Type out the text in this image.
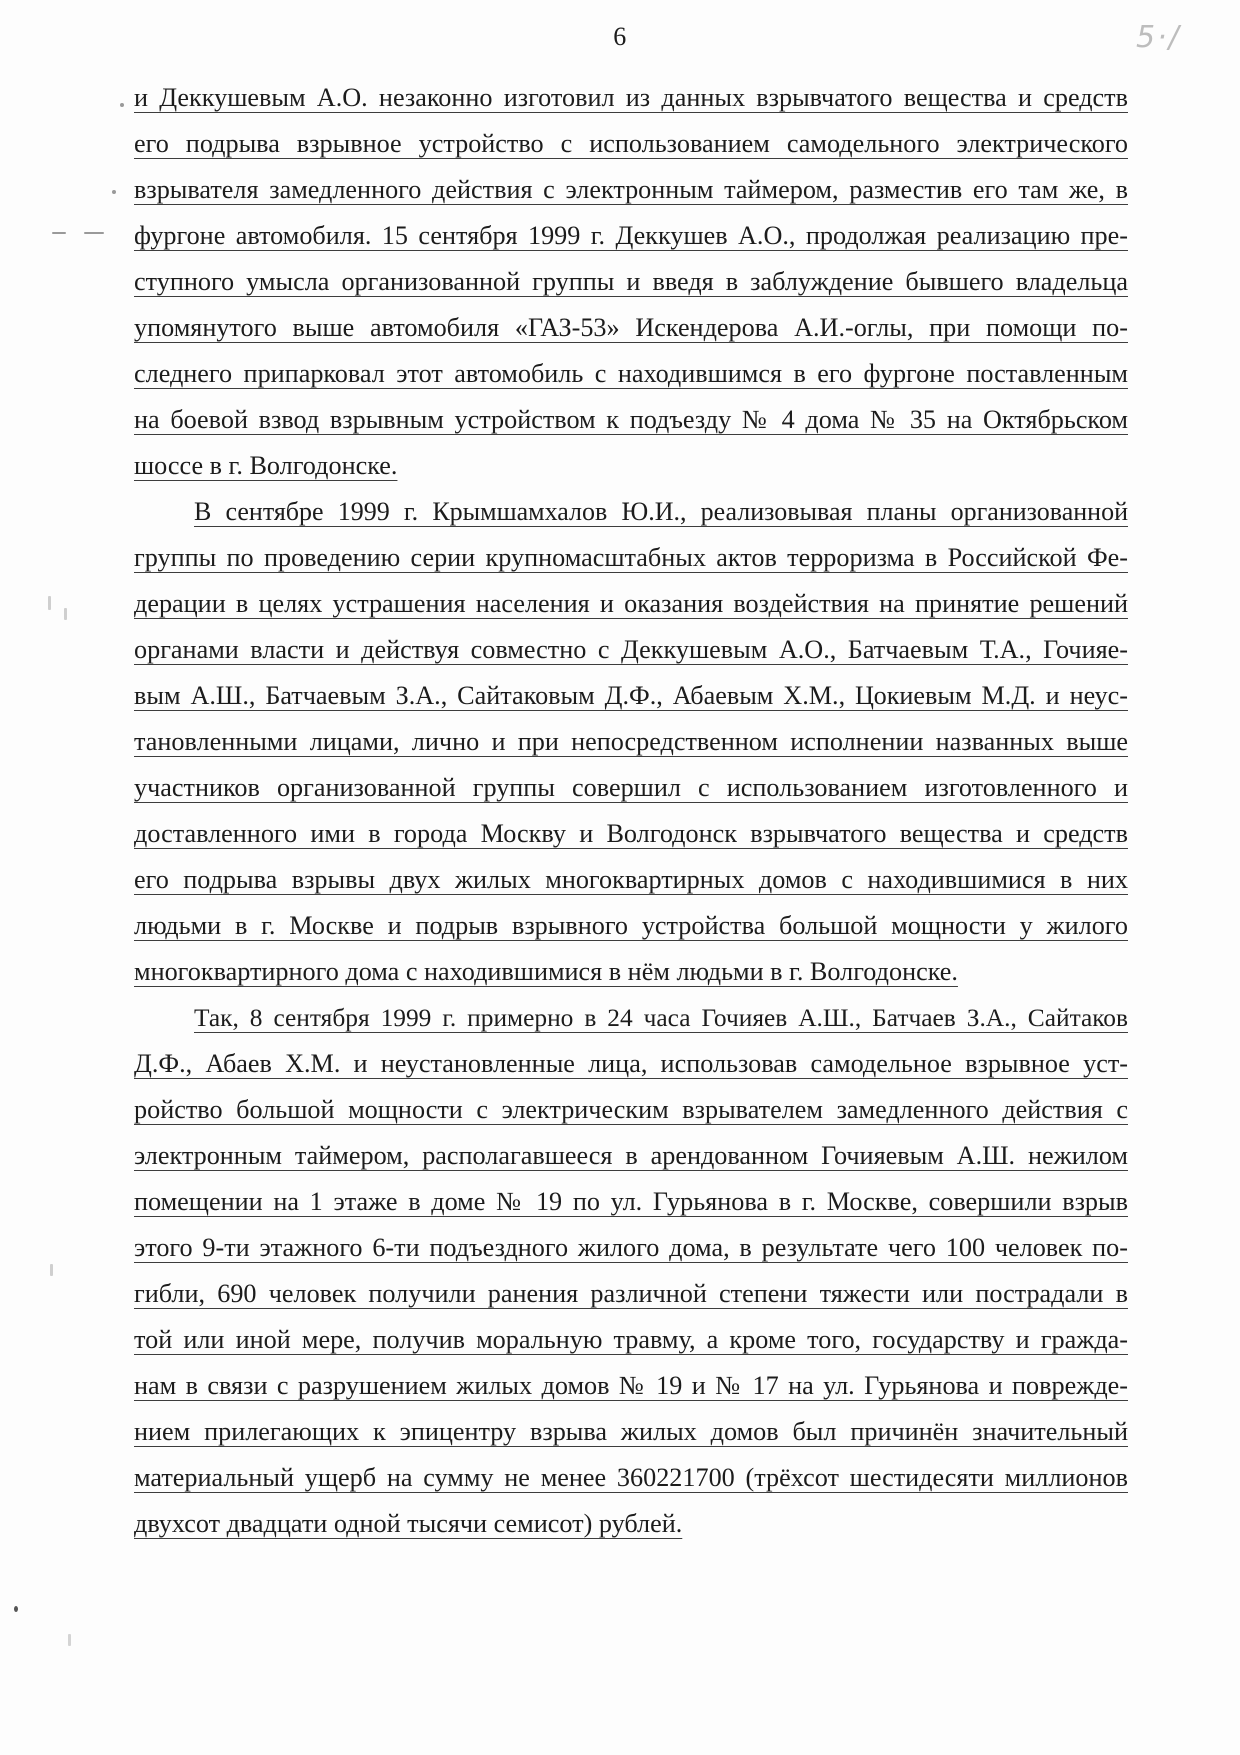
6	5·/
и Деккушевым А.О. незаконно изготовил из данных взрывчатого вещества и средств
его подрыва взрывное устройство с использованием самодельного электрического
взрывателя замедленного действия с электронным таймером, разместив его там же, в
фургоне автомобиля. 15 сентября 1999 г. Деккушев А.О., продолжая реализацию пре-
ступного умысла организованной группы и введя в заблуждение бывшего владельца
упомянутого выше автомобиля «ГАЗ-53» Искендерова А.И.-оглы, при помощи по-
следнего припарковал этот автомобиль с находившимся в его фургоне поставленным
на боевой взвод взрывным устройством к подъезду № 4 дома № 35 на Октябрьском
шоссе в г. Волгодонске.
В сентябре 1999 г. Крымшамхалов Ю.И., реализовывая планы организованной
группы по проведению серии крупномасштабных актов терроризма в Российской Фе-
дерации в целях устрашения населения и оказания воздействия на принятие решений
органами власти и действуя совместно с Деккушевым А.О., Батчаевым Т.А., Гочияе-
вым А.Ш., Батчаевым З.А., Сайтаковым Д.Ф., Абаевым Х.М., Цокиевым М.Д. и неус-
тановленными лицами, лично и при непосредственном исполнении названных выше
участников организованной группы совершил с использованием изготовленного и
доставленного ими в города Москву и Волгодонск взрывчатого вещества и средств
его подрыва взрывы двух жилых многоквартирных домов с находившимися в них
людьми в г. Москве и подрыв взрывного устройства большой мощности у жилого
многоквартирного дома с находившимися в нём людьми в г. Волгодонске.
Так, 8 сентября 1999 г. примерно в 24 часа Гочияев А.Ш., Батчаев З.А., Сайтаков
Д.Ф., Абаев Х.М. и неустановленные лица, использовав самодельное взрывное уст-
ройство большой мощности с электрическим взрывателем замедленного действия с
электронным таймером, располагавшееся в арендованном Гочияевым А.Ш. нежилом
помещении на 1 этаже в доме № 19 по ул. Гурьянова в г. Москве, совершили взрыв
этого 9-ти этажного 6-ти подъездного жилого дома, в результате чего 100 человек по-
гибли, 690 человек получили ранения различной степени тяжести или пострадали в
той или иной мере, получив моральную травму, а кроме того, государству и гражда-
нам в связи с разрушением жилых домов № 19 и № 17 на ул. Гурьянова и поврежде-
нием прилегающих к эпицентру взрыва жилых домов был причинён значительный
материальный ущерб на сумму не менее 360221700 (трёхсот шестидесяти миллионов
двухсот двадцати одной тысячи семисот) рублей.
